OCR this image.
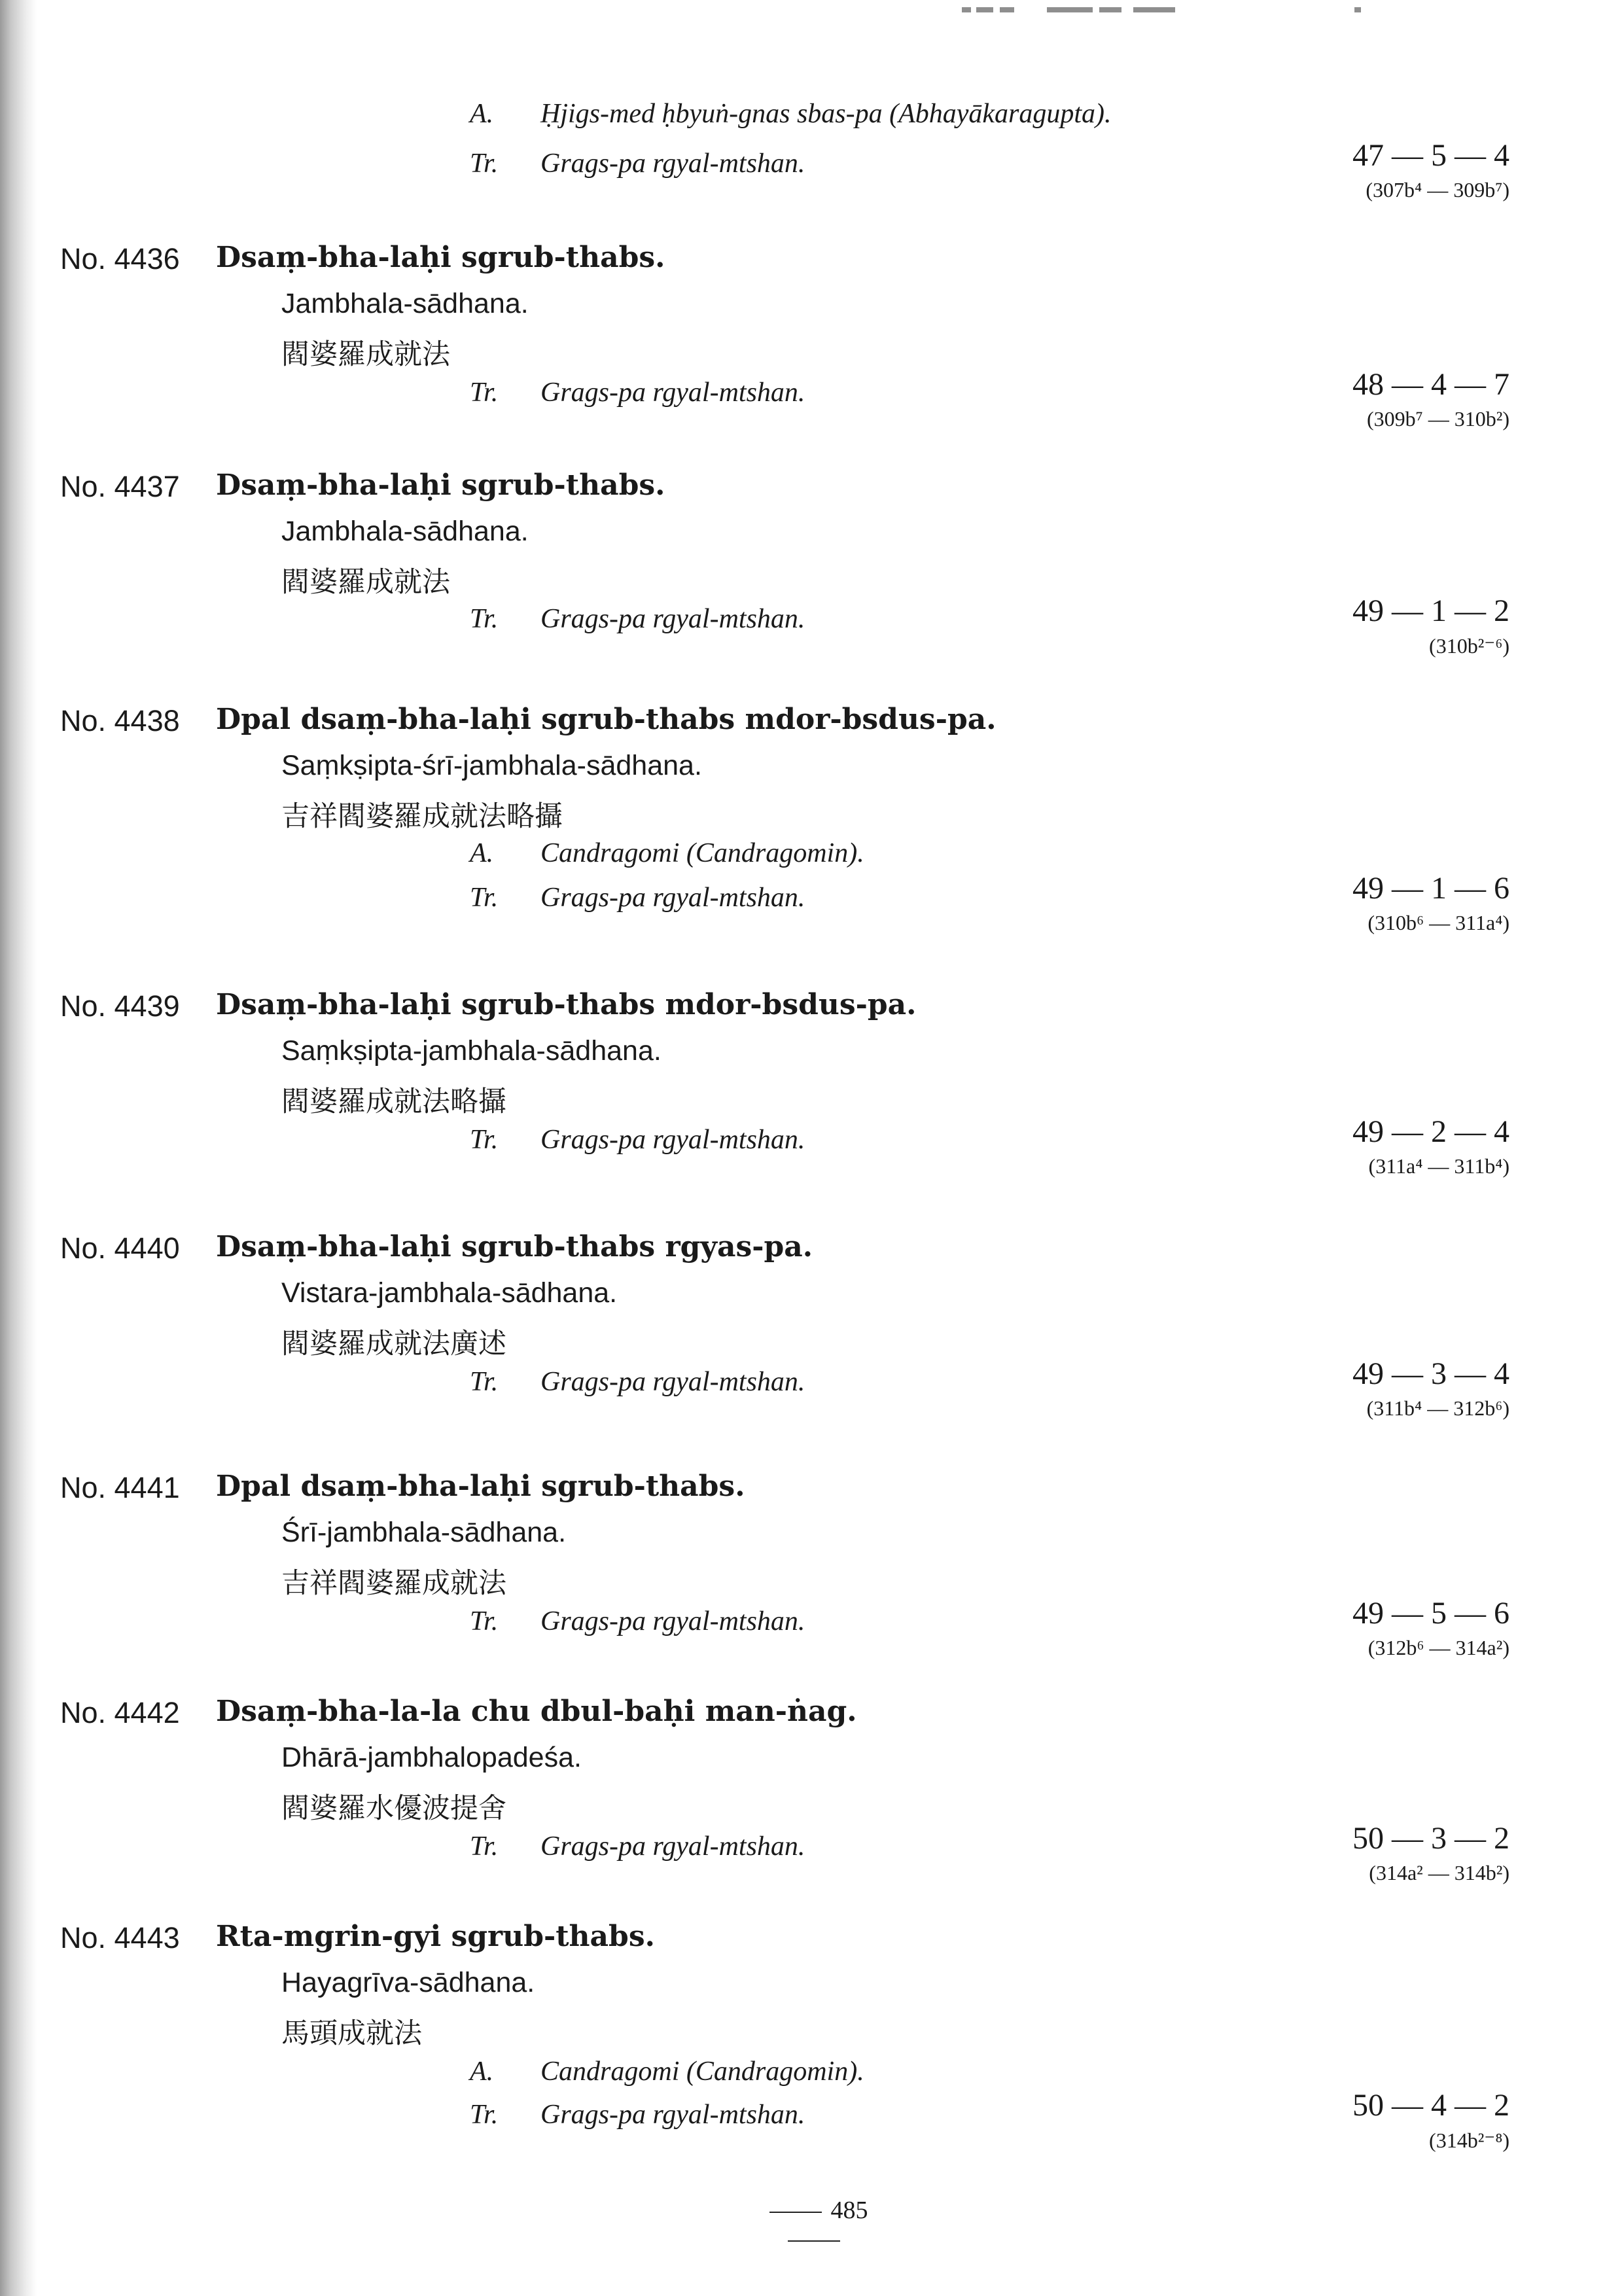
A. Ḥjigs-med ḥbyuṅ-gnas sbas-pa (Abhayākaragupta).
Tr. Grags-pa rgyal-mtshan.	47 — 5 — 4
(307b⁴ — 309b⁷)
No. 4436 Dsaṃ-bha-laḥi sgrub-thabs.
Jambhala-sādhana.
閻婆羅成就法
Tr. Grags-pa rgyal-mtshan.	48 — 4 — 7
(309b⁷ — 310b²)
No. 4437 Dsaṃ-bha-laḥi sgrub-thabs.
Jambhala-sādhana.
閻婆羅成就法
Tr. Grags-pa rgyal-mtshan.	49 — 1 — 2
(310b²⁻⁶)
No. 4438 Dpal dsaṃ-bha-laḥi sgrub-thabs mdor-bsdus-pa.
Saṃkṣipta-śrī-jambhala-sādhana.
吉祥閻婆羅成就法略攝
A. Candragomi (Candragomin).
Tr. Grags-pa rgyal-mtshan.	49 — 1 — 6
(310b⁶ — 311a⁴)
No. 4439 Dsaṃ-bha-laḥi sgrub-thabs mdor-bsdus-pa.
Saṃkṣipta-jambhala-sādhana.
閻婆羅成就法略攝
Tr. Grags-pa rgyal-mtshan.	49 — 2 — 4
(311a⁴ — 311b⁴)
No. 4440 Dsaṃ-bha-laḥi sgrub-thabs rgyas-pa.
Vistara-jambhala-sādhana.
閻婆羅成就法廣述
Tr. Grags-pa rgyal-mtshan.	49 — 3 — 4
(311b⁴ — 312b⁶)
No. 4441 Dpal dsaṃ-bha-laḥi sgrub-thabs.
Śrī-jambhala-sādhana.
吉祥閻婆羅成就法
Tr. Grags-pa rgyal-mtshan.	49 — 5 — 6
(312b⁶ — 314a²)
No. 4442 Dsaṃ-bha-la-la chu dbul-baḥi man-ṅag.
Dhārā-jambhalopadeśa.
閻婆羅水優波提舍
Tr. Grags-pa rgyal-mtshan.	50 — 3 — 2
(314a² — 314b²)
No. 4443 Rta-mgrin-gyi sgrub-thabs.
Hayagrīva-sādhana.
馬頭成就法
A. Candragomi (Candragomin).
Tr. Grags-pa rgyal-mtshan.	50 — 4 — 2
(314b²⁻⁸)
485
